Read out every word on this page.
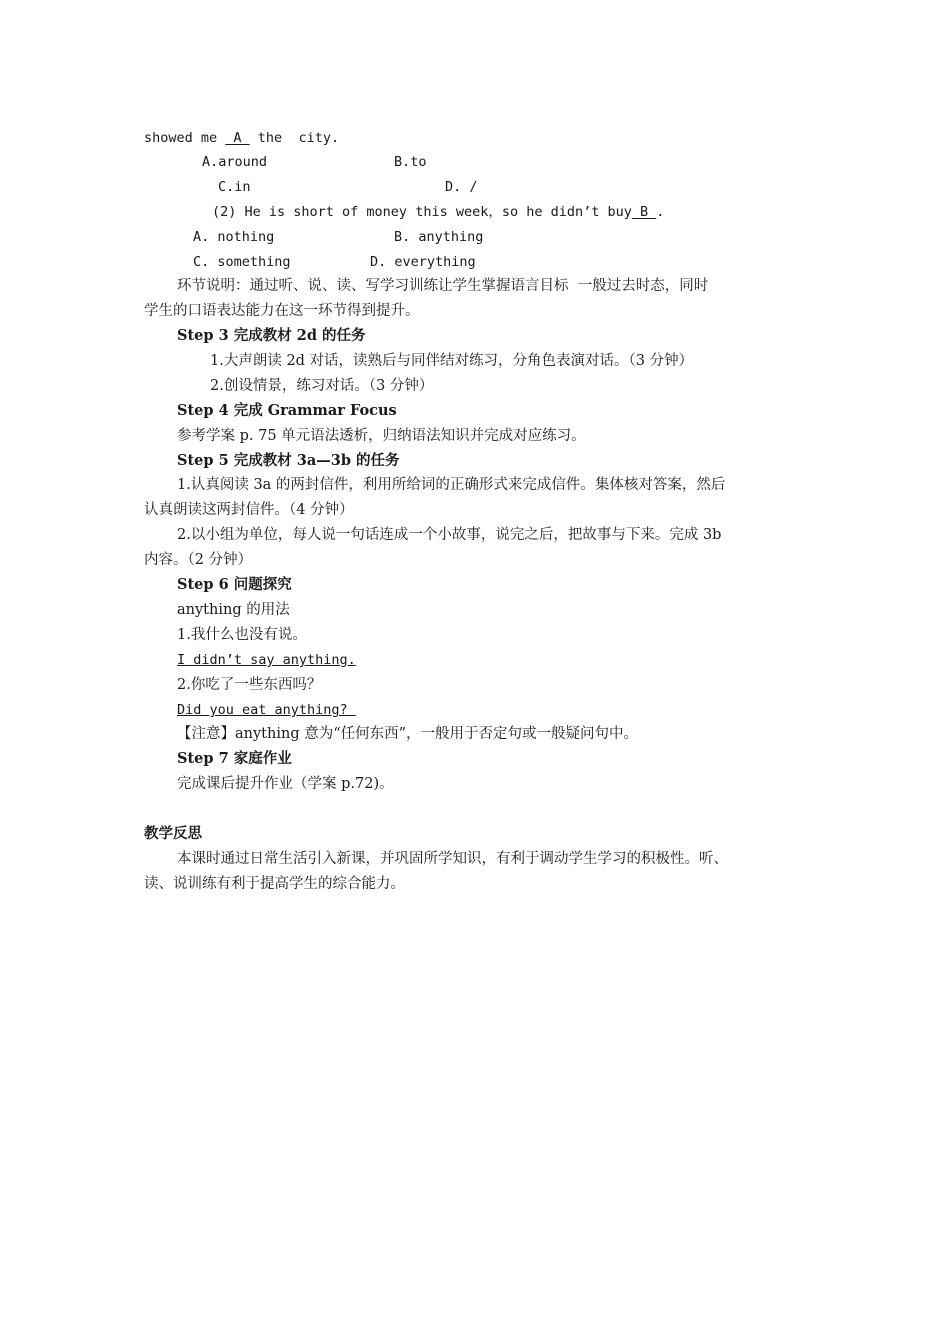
showed me  A  the  city.
A.around	B.to
C.in	D. /
(2) He is short of money this week，so he didn’t buy B .
A. nothing	B. anything
C. something	D. everything
环节说明：通过听、说、读、写学习训练让学生掌握语言目标  一般过去时态，同时
学生的口语表达能力在这一环节得到提升。
Step 3 完成教材 2d 的任务
1.大声朗读 2d 对话，读熟后与同伴结对练习，分角色表演对话。（3 分钟）
2.创设情景，练习对话。（3 分钟）
Step 4 完成 Grammar Focus
参考学案 p. 75 单元语法透析，归纳语法知识并完成对应练习。
Step 5 完成教材 3a—3b 的任务
1.认真阅读 3a 的两封信件，利用所给词的正确形式来完成信件。集体核对答案，然后
认真朗读这两封信件。（4 分钟）
2.以小组为单位，每人说一句话连成一个小故事，说完之后，把故事与下来。完成 3b
内容。（2 分钟）
Step 6 问题探究
anything 的用法
1.我什么也没有说。
I didn’t say anything.
2.你吃了一些东西吗？
Did you eat anything?
【注意】anything 意为“任何东西”，一般用于否定句或一般疑问句中。
Step 7 家庭作业
完成课后提升作业（学案 p.72)。
教学反思
本课时通过日常生活引入新课，并巩固所学知识，有利于调动学生学习的积极性。听、
读、说训练有利于提高学生的综合能力。
